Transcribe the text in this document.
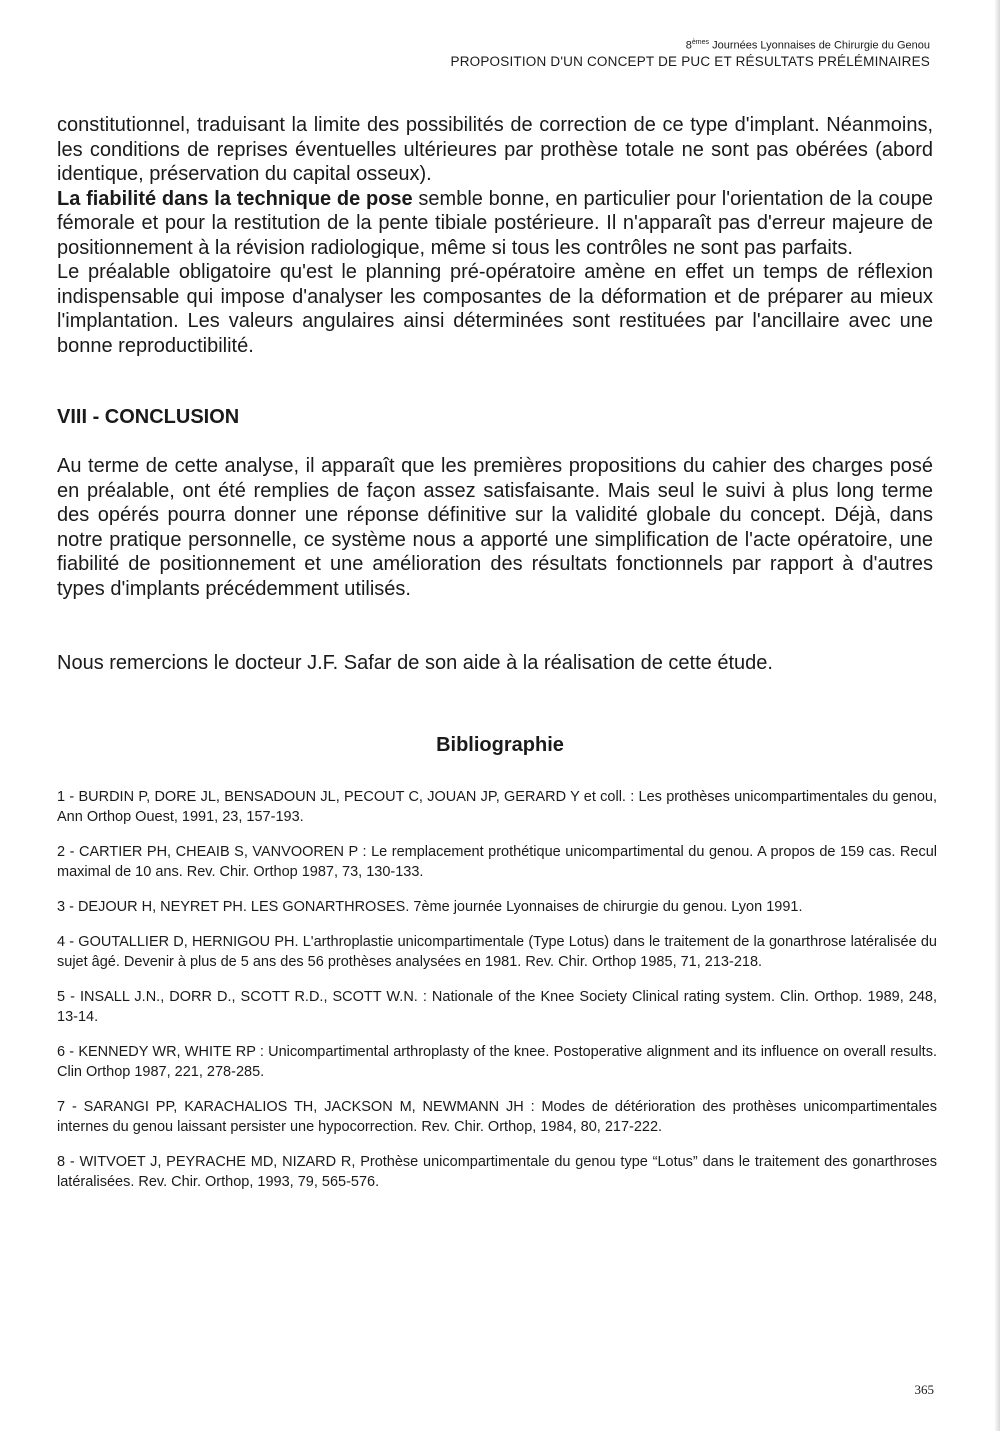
8èmes Journées Lyonnaises de Chirurgie du Genou
PROPOSITION D'UN CONCEPT DE PUC ET RÉSULTATS PRÉLÉMINAIRES

constitutionnel, traduisant la limite des possibilités de correction de ce type d'implant. Néanmoins, les conditions de reprises éventuelles ultérieures par prothèse totale ne sont pas obérées (abord identique, préservation du capital osseux).

La fiabilité dans la technique de pose semble bonne, en particulier pour l'orientation de la coupe fémorale et pour la restitution de la pente tibiale postérieure. Il n'apparaît pas d'erreur majeure de positionnement à la révision radiologique, même si tous les contrôles ne sont pas parfaits.

Le préalable obligatoire qu'est le planning pré-opératoire amène en effet un temps de réflexion indispensable qui impose d'analyser les composantes de la déformation et de préparer au mieux l'implantation. Les valeurs angulaires ainsi déterminées sont restituées par l'ancillaire avec une bonne reproductibilité.

VIII - CONCLUSION

Au terme de cette analyse, il apparaît que les premières propositions du cahier des charges posé en préalable, ont été remplies de façon assez satisfaisante. Mais seul le suivi à plus long terme des opérés pourra donner une réponse définitive sur la validité globale du concept. Déjà, dans notre pratique personnelle, ce système nous a apporté une simplification de l'acte opératoire, une fiabilité de positionnement et une amélioration des résultats fonctionnels par rapport à d'autres types d'implants précédemment utilisés.

Nous remercions le docteur J.F. Safar de son aide à la réalisation de cette étude.
Bibliographie
1 - BURDIN P, DORE JL, BENSADOUN JL, PECOUT C, JOUAN JP, GERARD Y et coll. : Les prothèses unicompartimentales du genou, Ann Orthop Ouest, 1991, 23, 157-193.
2 - CARTIER PH, CHEAIB S, VANVOOREN P : Le remplacement prothétique unicompartimental du genou. A propos de 159 cas. Recul maximal de 10 ans. Rev. Chir. Orthop 1987, 73, 130-133.
3 - DEJOUR H, NEYRET PH. LES GONARTHROSES. 7ème journée Lyonnaises de chirurgie du genou. Lyon 1991.
4 - GOUTALLIER D, HERNIGOU PH. L'arthroplastie unicompartimentale (Type Lotus) dans le traitement de la gonarthrose latéralisée du sujet âgé. Devenir à plus de 5 ans des 56 prothèses analysées en 1981. Rev. Chir. Orthop 1985, 71, 213-218.
5 - INSALL J.N., DORR D., SCOTT R.D., SCOTT W.N. : Nationale of the Knee Society Clinical rating system. Clin. Orthop. 1989, 248, 13-14.
6 - KENNEDY WR, WHITE RP : Unicompartimental arthroplasty of the knee. Postoperative alignment and its influence on overall results. Clin Orthop 1987, 221, 278-285.
7 - SARANGI PP, KARACHALIOS TH, JACKSON M, NEWMANN JH : Modes de détérioration des prothèses unicompartimentales internes du genou laissant persister une hypocorrection. Rev. Chir. Orthop, 1984, 80, 217-222.
8 - WITVOET J, PEYRACHE MD, NIZARD R, Prothèse unicompartimentale du genou type “Lotus” dans le traitement des gonarthroses latéralisées. Rev. Chir. Orthop, 1993, 79, 565-576.
365
